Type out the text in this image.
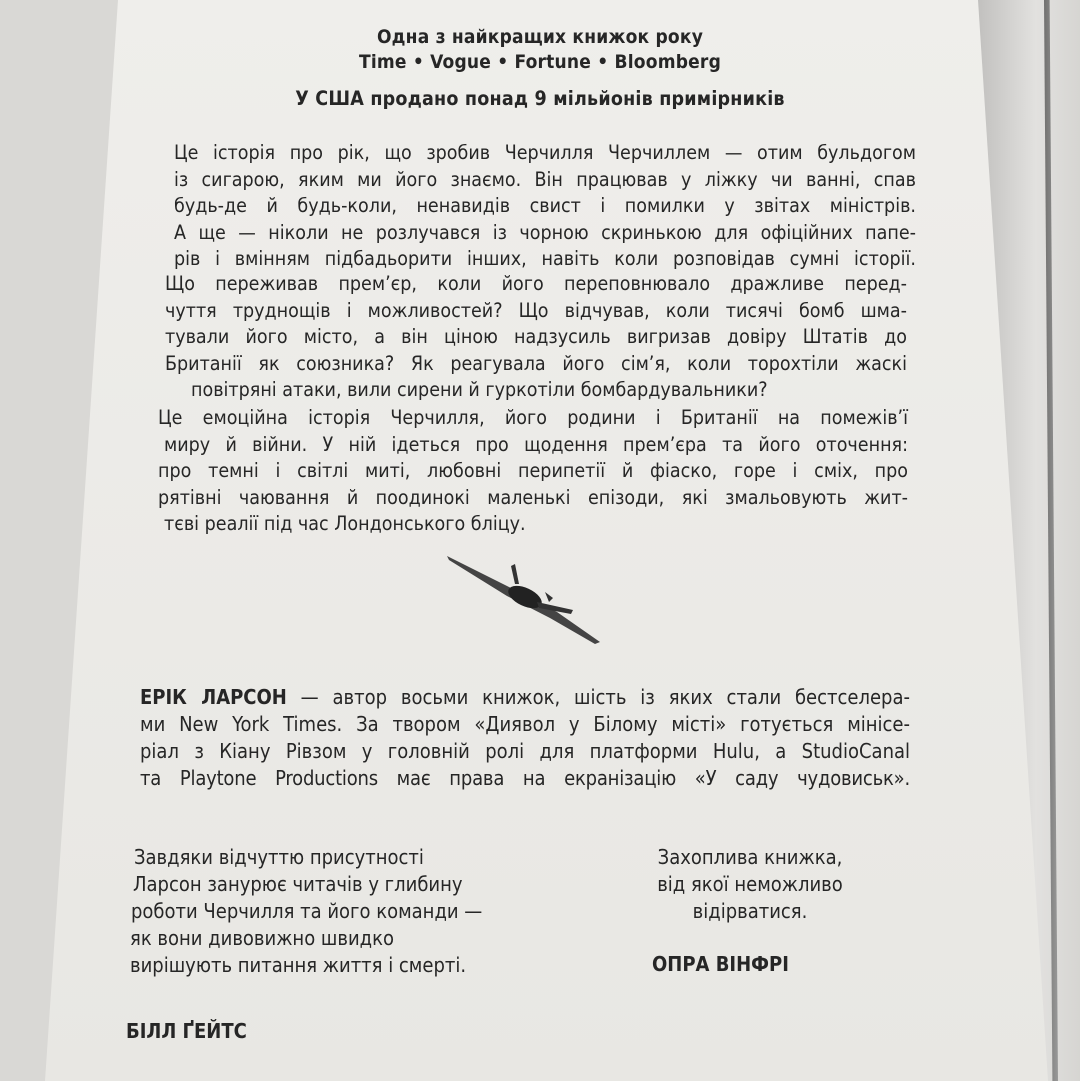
Одна з найкращих книжок року
Time • Vogue • Fortune • Bloomberg
У США продано понад 9 мільйонів примірників
Це історія про рік, що зробив Черчилля Черчиллем — отим бульдогом
із сигарою, яким ми його знаємо. Він працював у ліжку чи ванні, спав
будь-де й будь-коли, ненавидів свист і помилки у звітах міністрів.
А ще — ніколи не розлучався із чорною скринькою для офіційних папе-
рів і вмінням підбадьорити інших, навіть коли розповідав сумні історії.
Що переживав прем’єр, коли його переповнювало дражливе перед-
чуття труднощів і можливостей? Що відчував, коли тисячі бомб шма-
тували його місто, а він ціною надзусиль вигризав довіру Штатів до
Британії як союзника? Як реагувала його сім’я, коли торохтіли жаскі
повітряні атаки, вили сирени й гуркотіли бомбардувальники?
Це емоційна історія Черчилля, його родини і Британії на помежів’ї
миру й війни. У ній ідеться про щодення прем’єра та його оточення:
про темні і світлі миті, любовні перипетії й фіаско, горе і сміх, про
рятівні чаювання й поодинокі маленькі епізоди, які змальовують жит-
тєві реалії під час Лондонського бліцу.
ЕРІК ЛАРСОН — автор восьми книжок, шість із яких стали бестселера-
ми New York Times. За твором «Диявол у Білому місті» готується мінісе-
ріал з Кіану Рівзом у головній ролі для платформи Hulu, а StudioCanal
та Playtone Productions має права на екранізацію «У саду чудовиськ».
Завдяки відчуттю присутності
Ларсон занурює читачів у глибину
роботи Черчилля та його команди —
як вони дивовижно швидко
вирішують питання життя і смерті.
БІЛЛ ҐЕЙТС
Захоплива книжка,
від якої неможливо
відірватися.
ОПРА ВІНФРІ
